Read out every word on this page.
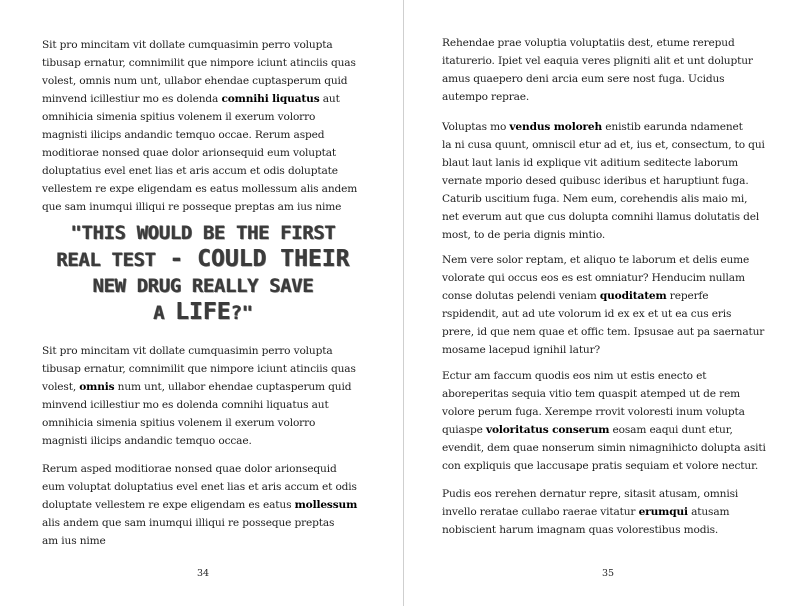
Sit pro mincitam vit dollate cumquasimin perro volupta
tibusap ernatur, comnimilit que nimpore iciunt atinciis quas
volest, omnis num unt, ullabor ehendae cuptasperum quid
minvend icillestiur mo es dolenda comnihi liquatus aut
omnihicia simenia spitius volenem il exerum volorro
magnisti ilicips andandic temquo occae. Rerum asped
moditiorae nonsed quae dolor arionsequid eum voluptat
doluptatius evel enet lias et aris accum et odis doluptate
vellestem re expe eligendam es eatus mollessum alis andem
que sam inumqui illiqui re posseque preptas am ius nime
"THIS WOULD BE THE FIRST
REAL TEST - COULD THEIR
NEW DRUG REALLY SAVE
A LIFE?"
Sit pro mincitam vit dollate cumquasimin perro volupta
tibusap ernatur, comnimilit que nimpore iciunt atinciis quas
volest, omnis num unt, ullabor ehendae cuptasperum quid
minvend icillestiur mo es dolenda comnihi liquatus aut
omnihicia simenia spitius volenem il exerum volorro
magnisti ilicips andandic temquo occae.
Rerum asped moditiorae nonsed quae dolor arionsequid
eum voluptat doluptatius evel enet lias et aris accum et odis
doluptate vellestem re expe eligendam es eatus mollessum
alis andem que sam inumqui illiqui re posseque preptas
am ius nime
34
Rehendae prae voluptia voluptatiis dest, etume rerepud
itaturerio. Ipiet vel eaquia veres pligniti alit et unt doluptur
amus quaepero deni arcia eum sere nost fuga. Ucidus
autempo reprae.
Voluptas mo vendus moloreh enistib earunda ndamenet
la ni cusa quunt, omniscil etur ad et, ius et, consectum, to qui
blaut laut lanis id explique vit aditium seditecte laborum
vernate mporio desed quibusc ideribus et haruptiunt fuga.
Caturib uscitium fuga. Nem eum, corehendis alis maio mi,
net everum aut que cus dolupta comnihi llamus dolutatis del
most, to de peria dignis mintio.
Nem vere solor reptam, et aliquo te laborum et delis eume
volorate qui occus eos es est omniatur? Henducim nullam
conse dolutas pelendi veniam quoditatem reperfe
rspidendit, aut ad ute volorum id ex ex et ut ea cus eris
prere, id que nem quae et offic tem. Ipsusae aut pa saernatur
mosame lacepud ignihil latur?
Ectur am faccum quodis eos nim ut estis enecto et
aboreperitas sequia vitio tem quaspit atemped ut de rem
volore perum fuga. Xerempe rrovit voloresti inum volupta
quiaspe voloritatus conserum eosam eaqui dunt etur,
evendit, dem quae nonserum simin nimagnihicto dolupta asiti
con expliquis que laccusape pratis sequiam et volore nectur.
Pudis eos rerehen dernatur repre, sitasit atusam, omnisi
invello reratae cullabo raerae vitatur erumqui atusam
nobiscient harum imagnam quas volorestibus modis.
35
